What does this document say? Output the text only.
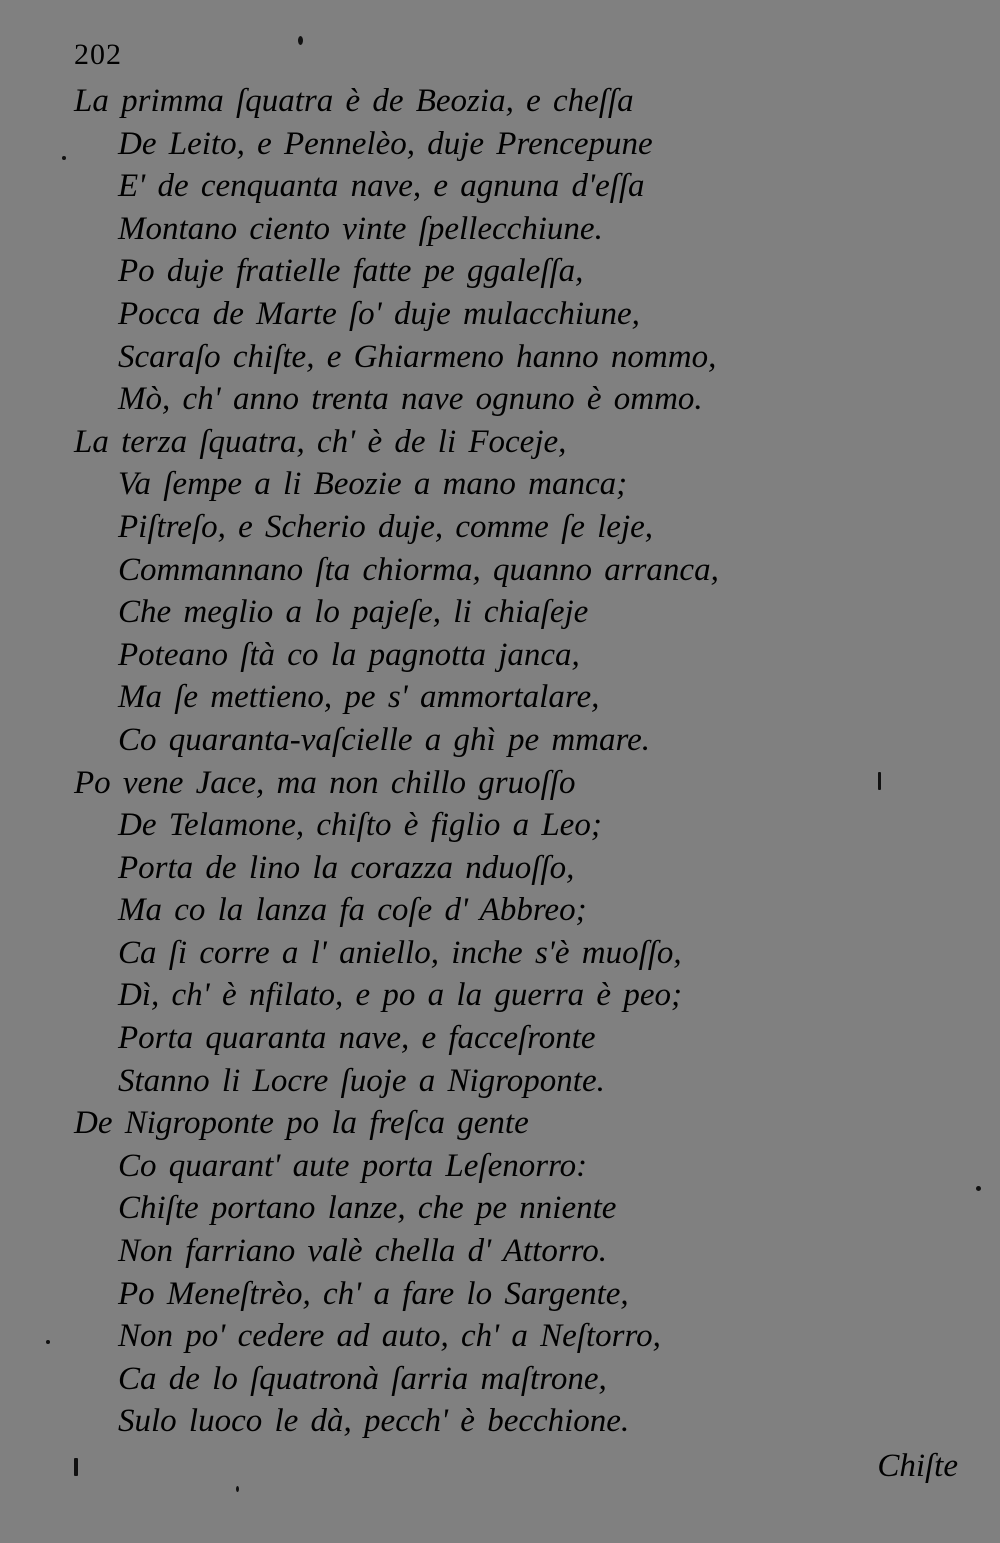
202
La primma ſquatra è de Beozia, e cheſſa
De Leito, e Pennelèo, duje Prencepune
E' de cenquanta nave, e agnuna d'eſſa
Montano ciento vinte ſpellecchiune.
Po duje fratielle fatte pe ggaleſſa,
Pocca de Marte ſo' duje mulacchiune,
Scaraſo chiſte, e Ghiarmeno hanno nommo,
Mò, ch' anno trenta nave ognuno è ommo.
La terza ſquatra, ch' è de li Foceje,
Va ſempe a li Beozie a mano manca;
Piſtreſo, e Scherio duje, comme ſe leje,
Commannano ſta chiorma, quanno arranca,
Che meglio a lo pajeſe, li chiaſeje
Poteano ſtà co la pagnotta janca,
Ma ſe mettieno, pe s' ammortalare,
Co quaranta-vaſcielle a ghì pe mmare.
Po vene Jace, ma non chillo gruoſſo
De Telamone, chiſto è figlio a Leo;
Porta de lino la corazza nduoſſo,
Ma co la lanza fa coſe d' Abbreo;
Ca ſi corre a l' aniello, inche s'è muoſſo,
Dì, ch' è nfilato, e po a la guerra è peo;
Porta quaranta nave, e facceſronte
Stanno li Locre ſuoje a Nigroponte.
De Nigroponte po la freſca gente
Co quarant' aute porta Leſenorro:
Chiſte portano lanze, che pe nniente
Non farriano valè chella d' Attorro.
Po Meneſtrèo, ch' a fare lo Sargente,
Non po' cedere ad auto, ch' a Neſtorro,
Ca de lo ſquatronà ſarria maſtrone,
Sulo luoco le dà, pecch' è becchione.
Chiſte
